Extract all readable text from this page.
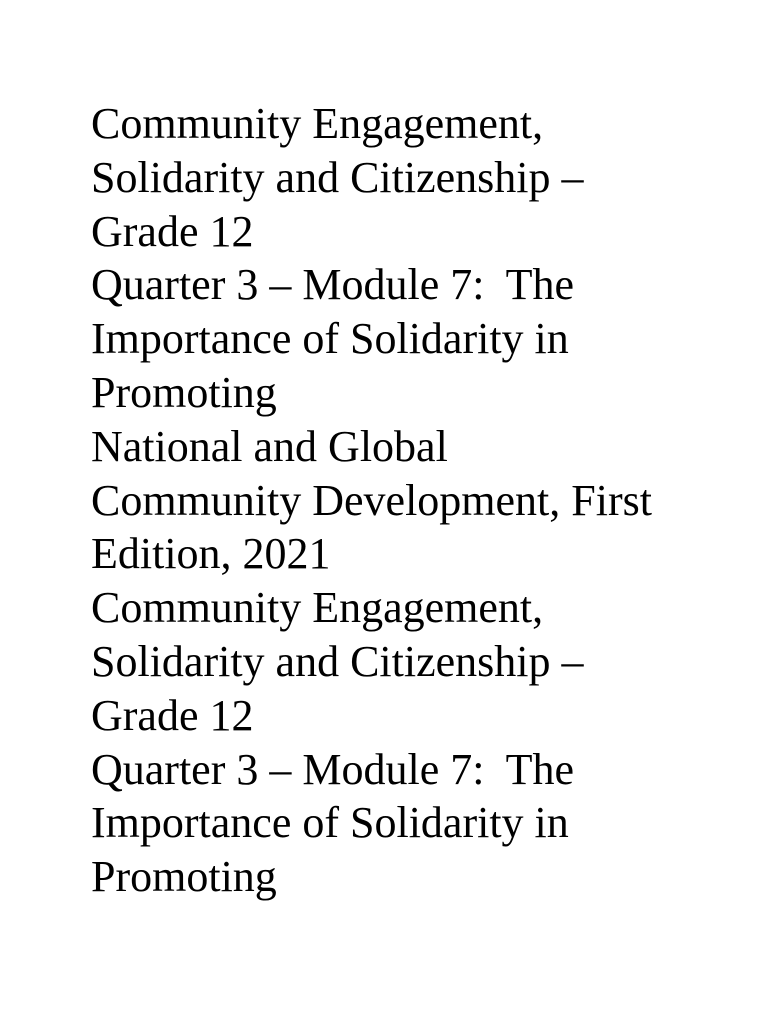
Community Engagement,
Solidarity and Citizenship –
Grade 12
Quarter 3 – Module 7:  The
Importance of Solidarity in
Promoting
National and Global
Community Development, First
Edition, 2021
Community Engagement,
Solidarity and Citizenship –
Grade 12
Quarter 3 – Module 7:  The
Importance of Solidarity in
Promoting
